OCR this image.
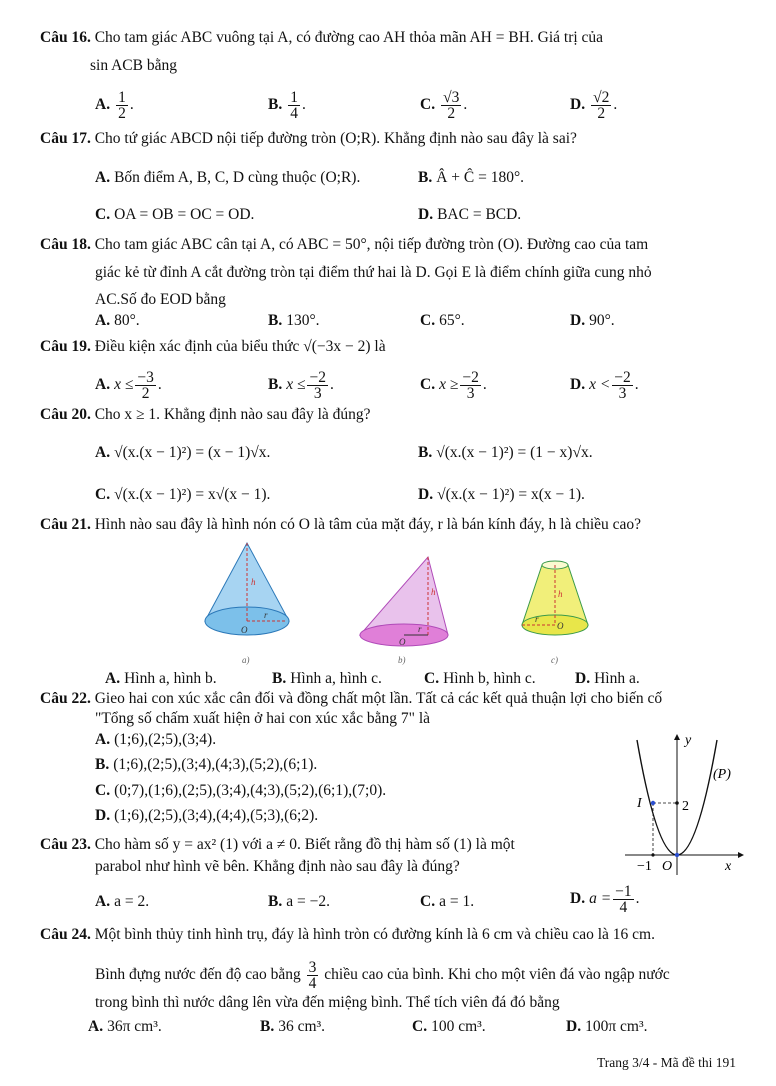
Câu 16. Cho tam giác ABC vuông tại A, có đường cao AH thỏa mãn AH = BH. Giá trị của
sin ACB bằng
A. $\frac{1}{2}$ .	B. $\frac{1}{4}$ .	C. $\frac{√3}{2}$ .	D. $\frac{√2}{2}$ .
Câu 17. Cho tứ giác ABCD nội tiếp đường tròn (O;R). Khẳng định nào sau đây là sai?
A. Bốn điểm A, B, C, D cùng thuộc (O;R).	B. Â + Ĉ = 180°.
C. OA = OB = OC = OD.	D. BAC = BCD.
Câu 18. Cho tam giác ABC cân tại A, có ABC = 50°, nội tiếp đường tròn (O). Đường cao của tam
giác kẻ từ đỉnh A cắt đường tròn tại điểm thứ hai là D. Gọi E là điểm chính giữa cung nhỏ
AC.Số đo EOD bằng
A. 80°.	B. 130°.	C. 65°.	D. 90°.
Câu 19. Điều kiện xác định của biểu thức √(−3x − 2) là
A. $x \le \frac{-3}{2}$ .	B. $x \le \frac{-2}{3}$ .	C. $x \ge \frac{-2}{3}$ .	D. $x < \frac{-2}{3}$ .
Câu 20. Cho x ≥ 1. Khẳng định nào sau đây là đúng?
A. √(x.(x − 1)²) = (x − 1)√x.	B. √(x.(x − 1)²) = (1 − x)√x.
C. √(x.(x − 1)²) = x√(x − 1).	D. √(x.(x − 1)²) = x(x − 1).
Câu 21. Hình nào sau đây là hình nón có O là tâm của mặt đáy, r là bán kính đáy, h là chiều cao?
h
r
O
a)
h
r
O
b)
h
r
O
c)
A. Hình a, hình b.	B. Hình a, hình c.	C. Hình b, hình c.	D. Hình a.
Câu 22. Gieo hai con xúc xắc cân đối và đồng chất một lần. Tất cả các kết quả thuận lợi cho biến cố
"Tổng số chấm xuất hiện ở hai con xúc xắc bằng 7" là
A. (1;6),(2;5),(3;4).
B. (1;6),(2;5),(3;4),(4;3),(5;2),(6;1).
C. (0;7),(1;6),(2;5),(3;4),(4;3),(5;2),(6;1),(7;0).
D. (1;6),(2;5),(3;4),(4;4),(5;3),(6;2).
y
x
(P)
I	2
−1 O
Câu 23. Cho hàm số y = ax² (1) với a ≠ 0. Biết rằng đồ thị hàm số (1) là một
parabol như hình vẽ bên. Khẳng định nào sau đây là đúng?
A. a = 2.	B. a = −2.	C. a = 1.	D. $a = \frac{-1}{4}$ .
Câu 24. Một bình thủy tinh hình trụ, đáy là hình tròn có đường kính là 6 cm và chiều cao là 16 cm.
Bình đựng nước đến độ cao bằng $\frac{3}{4}$ chiều cao của bình. Khi cho một viên đá vào ngập nước
trong bình thì nước dâng lên vừa đến miệng bình. Thể tích viên đá đó bằng
A. 36π cm³.	B. 36 cm³.	C. 100 cm³.	D. 100π cm³.
Trang 3/4 - Mã đề thi 191
